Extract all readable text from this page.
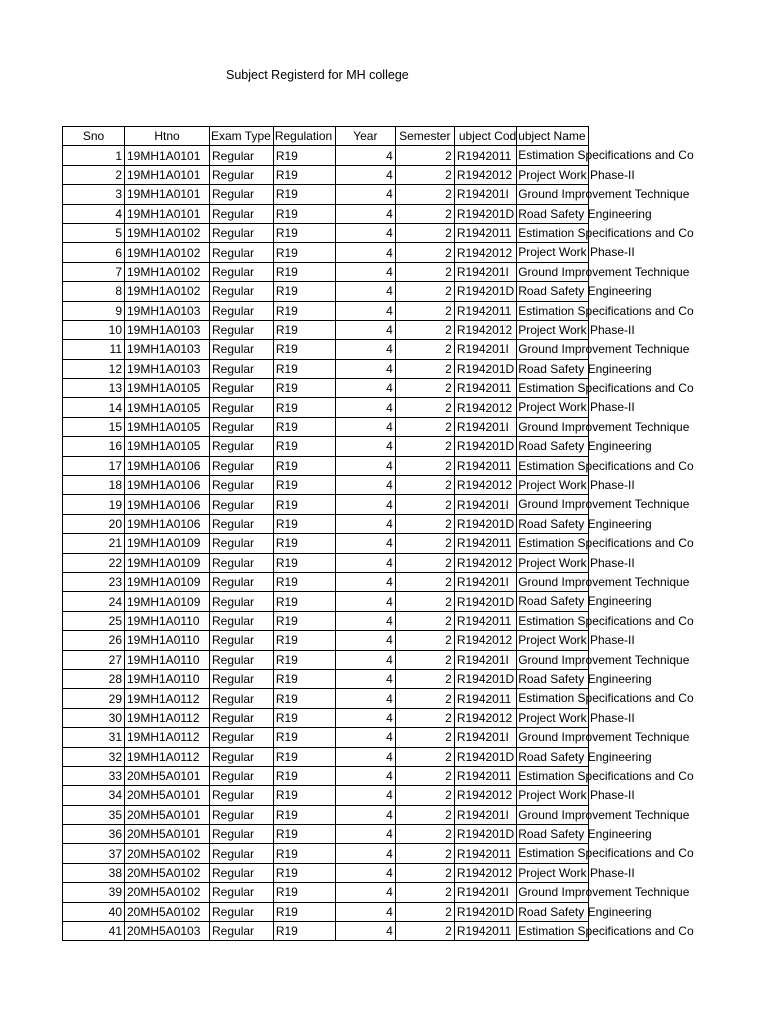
Subject Registerd for MH college
Sno	Htno	Exam Type	Regulation	Year	Semester	ubject Cod	ubject Name
1	19MH1A0101	Regular	R19	4	2	R1942011	Estimation Specifications and Co

2	19MH1A0101	Regular	R19	4	2	R1942012	Project Work Phase-II

3	19MH1A0101	Regular	R19	4	2	R194201I	Ground Improvement Technique

4	19MH1A0101	Regular	R19	4	2	R194201D	Road Safety Engineering

5	19MH1A0102	Regular	R19	4	2	R1942011	Estimation Specifications and Co

6	19MH1A0102	Regular	R19	4	2	R1942012	Project Work Phase-II

7	19MH1A0102	Regular	R19	4	2	R194201I	Ground Improvement Technique

8	19MH1A0102	Regular	R19	4	2	R194201D	Road Safety Engineering

9	19MH1A0103	Regular	R19	4	2	R1942011	Estimation Specifications and Co

10	19MH1A0103	Regular	R19	4	2	R1942012	Project Work Phase-II

11	19MH1A0103	Regular	R19	4	2	R194201I	Ground Improvement Technique

12	19MH1A0103	Regular	R19	4	2	R194201D	Road Safety Engineering

13	19MH1A0105	Regular	R19	4	2	R1942011	Estimation Specifications and Co

14	19MH1A0105	Regular	R19	4	2	R1942012	Project Work Phase-II

15	19MH1A0105	Regular	R19	4	2	R194201I	Ground Improvement Technique

16	19MH1A0105	Regular	R19	4	2	R194201D	Road Safety Engineering

17	19MH1A0106	Regular	R19	4	2	R1942011	Estimation Specifications and Co

18	19MH1A0106	Regular	R19	4	2	R1942012	Project Work Phase-II

19	19MH1A0106	Regular	R19	4	2	R194201I	Ground Improvement Technique

20	19MH1A0106	Regular	R19	4	2	R194201D	Road Safety Engineering

21	19MH1A0109	Regular	R19	4	2	R1942011	Estimation Specifications and Co

22	19MH1A0109	Regular	R19	4	2	R1942012	Project Work Phase-II

23	19MH1A0109	Regular	R19	4	2	R194201I	Ground Improvement Technique

24	19MH1A0109	Regular	R19	4	2	R194201D	Road Safety Engineering

25	19MH1A0110	Regular	R19	4	2	R1942011	Estimation Specifications and Co

26	19MH1A0110	Regular	R19	4	2	R1942012	Project Work Phase-II

27	19MH1A0110	Regular	R19	4	2	R194201I	Ground Improvement Technique

28	19MH1A0110	Regular	R19	4	2	R194201D	Road Safety Engineering

29	19MH1A0112	Regular	R19	4	2	R1942011	Estimation Specifications and Co

30	19MH1A0112	Regular	R19	4	2	R1942012	Project Work Phase-II

31	19MH1A0112	Regular	R19	4	2	R194201I	Ground Improvement Technique

32	19MH1A0112	Regular	R19	4	2	R194201D	Road Safety Engineering

33	20MH5A0101	Regular	R19	4	2	R1942011	Estimation Specifications and Co

34	20MH5A0101	Regular	R19	4	2	R1942012	Project Work Phase-II

35	20MH5A0101	Regular	R19	4	2	R194201I	Ground Improvement Technique

36	20MH5A0101	Regular	R19	4	2	R194201D	Road Safety Engineering

37	20MH5A0102	Regular	R19	4	2	R1942011	Estimation Specifications and Co

38	20MH5A0102	Regular	R19	4	2	R1942012	Project Work Phase-II

39	20MH5A0102	Regular	R19	4	2	R194201I	Ground Improvement Technique

40	20MH5A0102	Regular	R19	4	2	R194201D	Road Safety Engineering

41	20MH5A0103	Regular	R19	4	2	R1942011	Estimation Specifications and Co
